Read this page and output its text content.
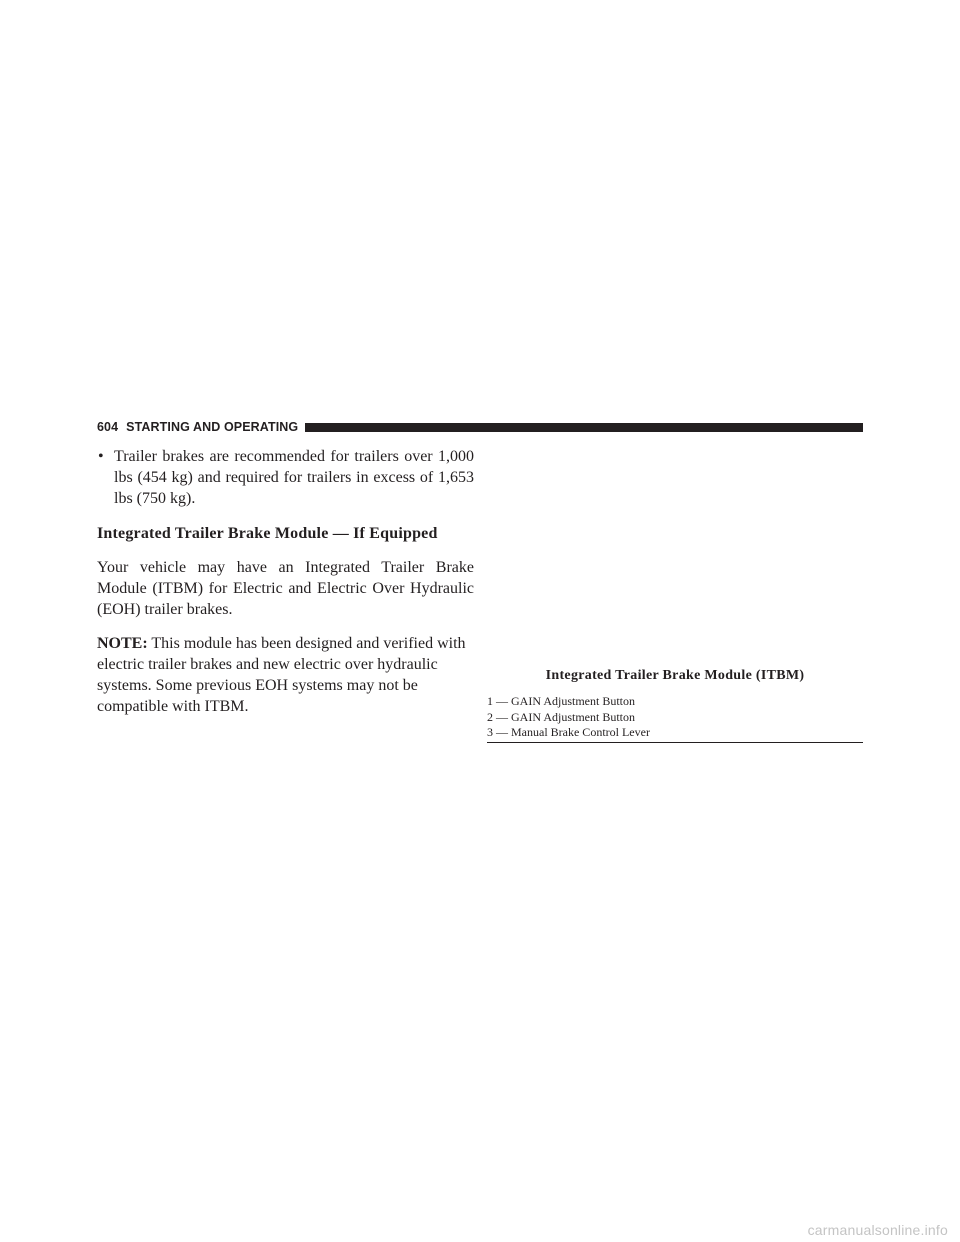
604 STARTING AND OPERATING
• Trailer brakes are recommended for trailers over 1,000 lbs (454 kg) and required for trailers in excess of 1,653 lbs (750 kg).
Integrated Trailer Brake Module — If Equipped

Your vehicle may have an Integrated Trailer Brake Module (ITBM) for Electric and Electric Over Hydraulic (EOH) trailer brakes.

NOTE: This module has been designed and verified with electric trailer brakes and new electric over hydraulic systems. Some previous EOH systems may not be compatible with ITBM.

Integrated Trailer Brake Module (ITBM)
1 — GAIN Adjustment Button
2 — GAIN Adjustment Button
3 — Manual Brake Control Lever
carmanualsonline.info
